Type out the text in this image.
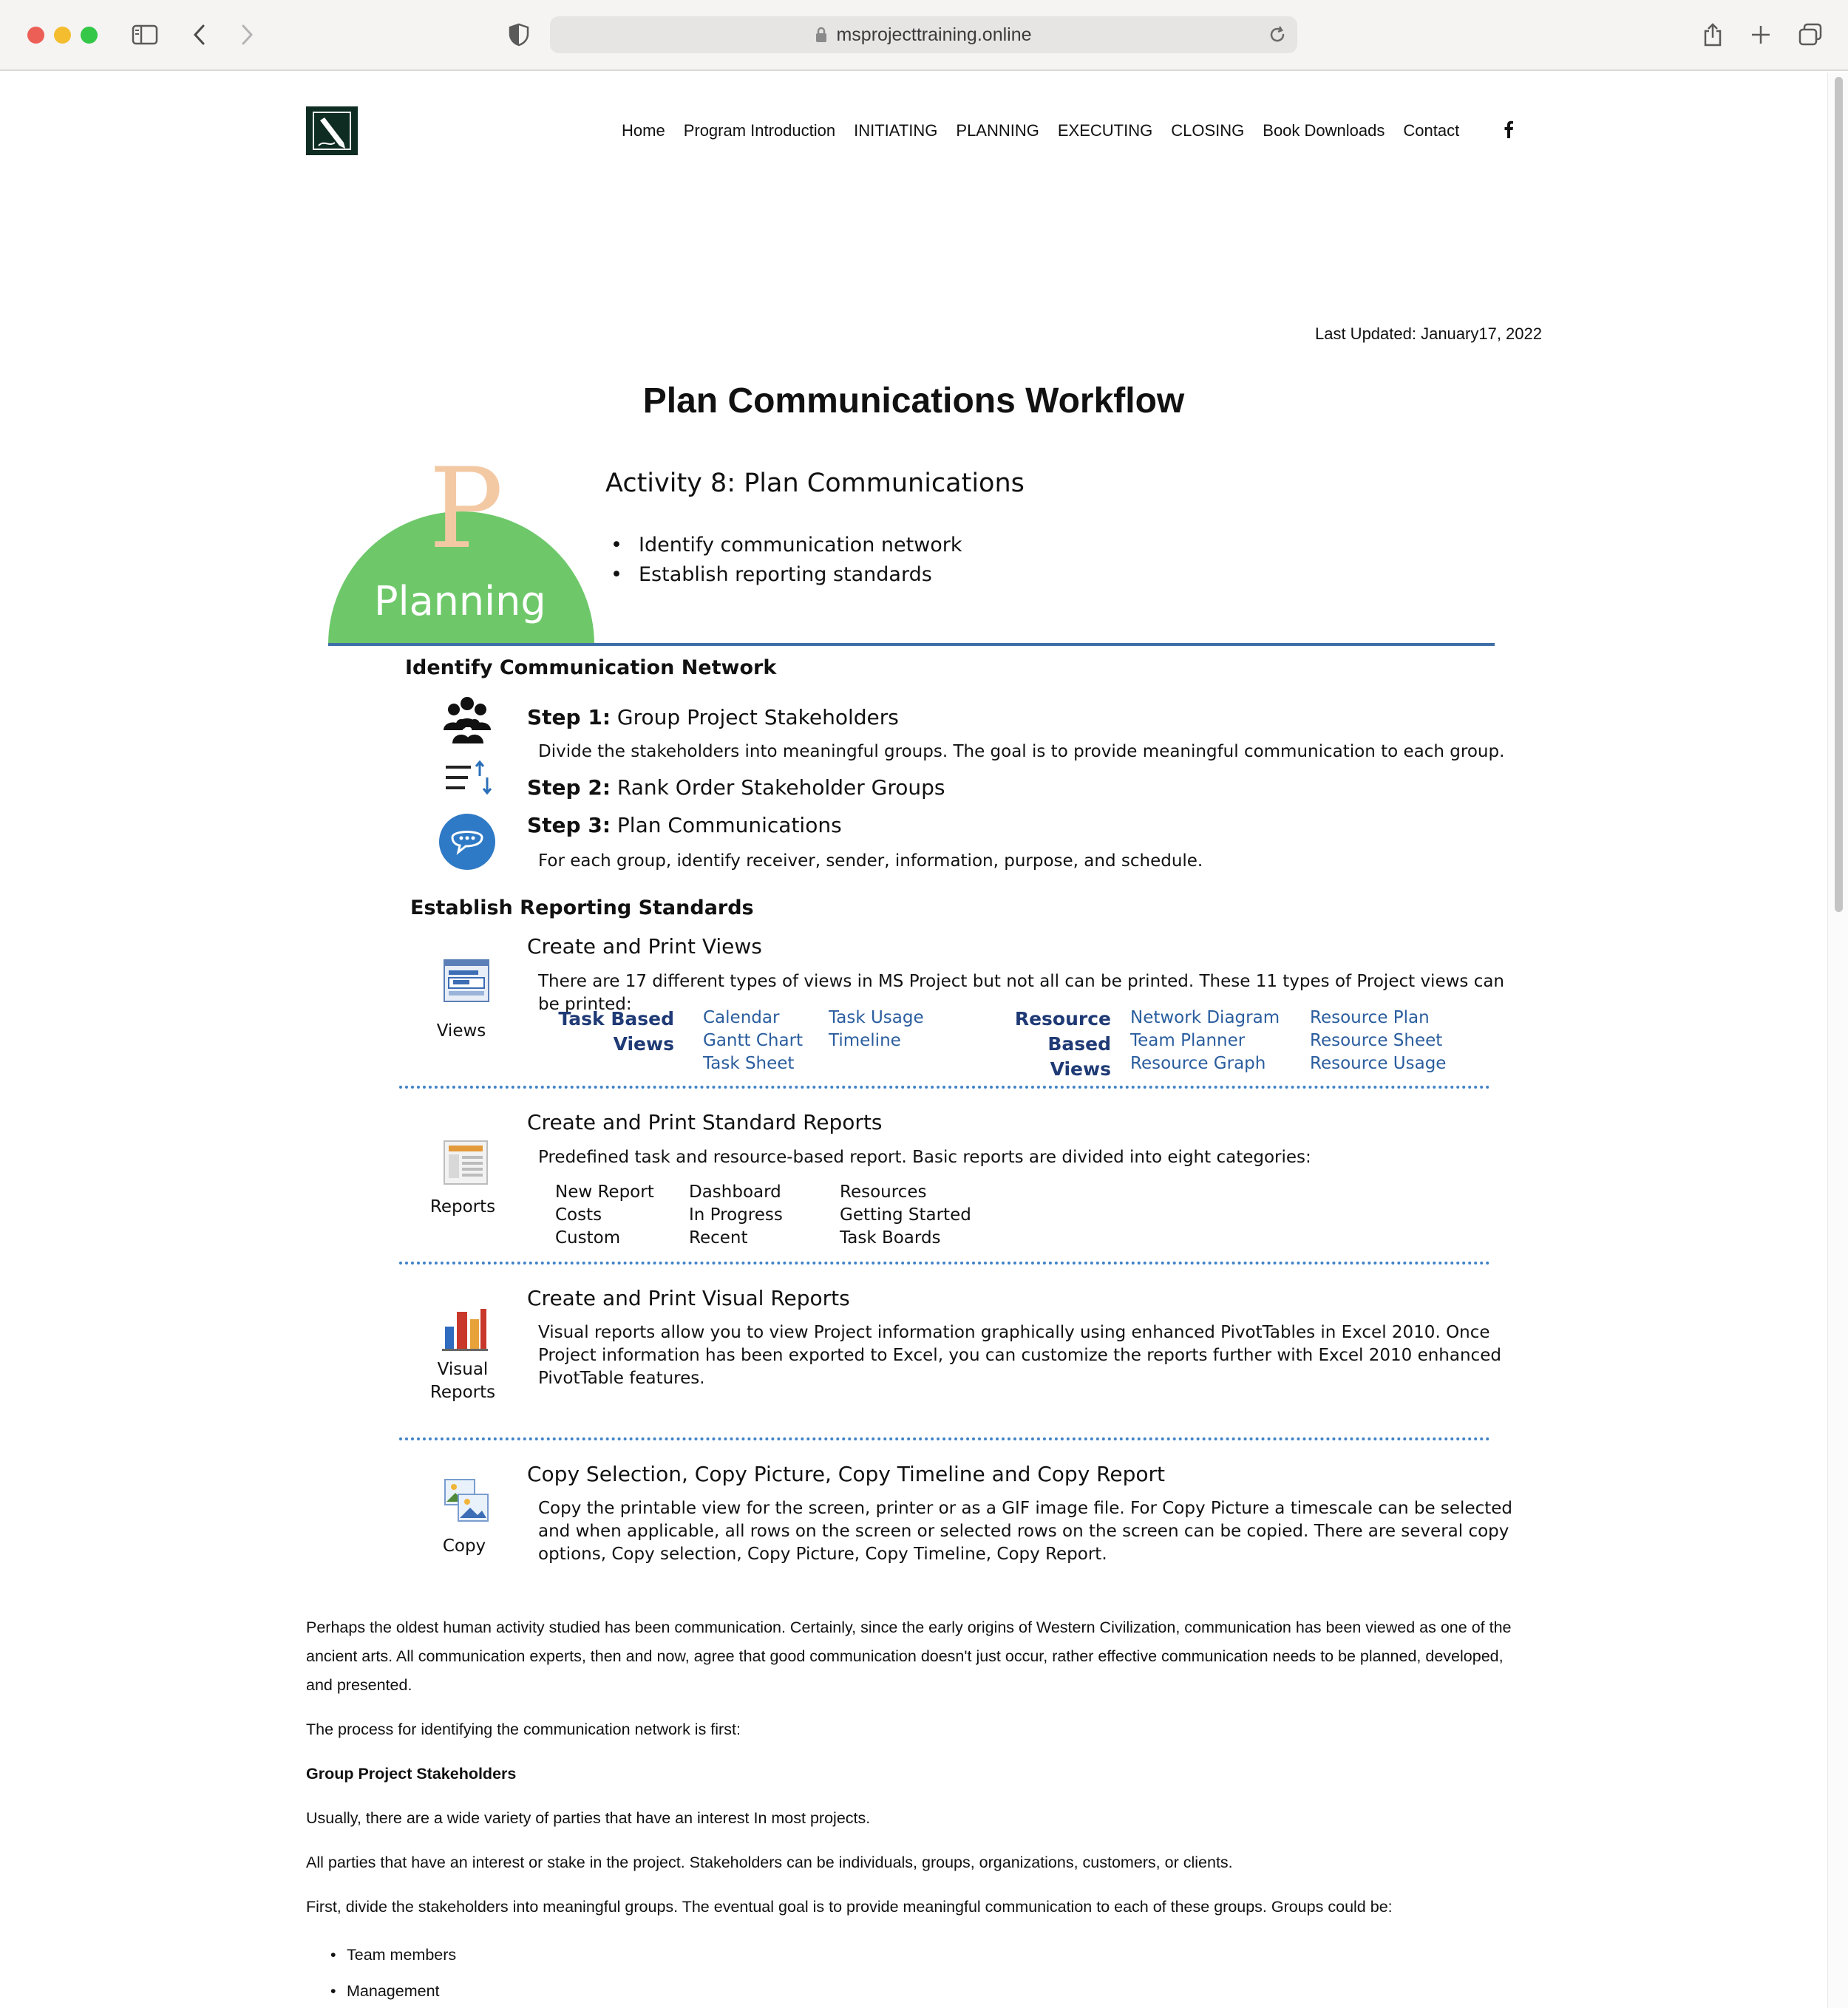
msprojecttraining.online
Home Program Introduction INITIATING PLANNING EXECUTING CLOSING Book Downloads Contact
Last Updated: January17, 2022
Plan Communications Workflow
P
Planning
Activity 8: Plan Communications
• Identify communication network
• Establish reporting standards
Identify Communication Network
Step 1: Group Project Stakeholders
Divide the stakeholders into meaningful groups. The goal is to provide meaningful communication to each group.
Step 2: Rank Order Stakeholder Groups
Step 3: Plan Communications
For each group, identify receiver, sender, information, purpose, and schedule.
Establish Reporting Standards
Views
Create and Print Views
There are 17 different types of views in MS Project but not all can be printed. These 11 types of Project views can be printed:
Task Based
Views
Calendar
Gantt Chart
Task Sheet
Task Usage
Timeline
Resource Based
Views
Network Diagram
Team Planner
Resource Graph
Resource Plan
Resource Sheet
Resource Usage
Reports
Create and Print Standard Reports
Predefined task and resource-based report. Basic reports are divided into eight categories:
New Report
Costs
Custom
Dashboard
In Progress
Recent
Resources
Getting Started
Task Boards
Visual
Reports
Create and Print Visual Reports
Visual reports allow you to view Project information graphically using enhanced PivotTables in Excel 2010. Once Project information has been exported to Excel, you can customize the reports further with Excel 2010 enhanced PivotTable features.
Copy
Copy Selection, Copy Picture, Copy Timeline and Copy Report
Copy the printable view for the screen, printer or as a GIF image file. For Copy Picture a timescale can be selected and when applicable, all rows on the screen or selected rows on the screen can be copied. There are several copy options, Copy selection, Copy Picture, Copy Timeline, Copy Report.

Perhaps the oldest human activity studied has been communication. Certainly, since the early origins of Western Civilization, communication has been viewed as one of the ancient arts. All communication experts, then and now, agree that good communication doesn't just occur, rather effective communication needs to be planned, developed, and presented.

The process for identifying the communication network is first:

Group Project Stakeholders

Usually, there are a wide variety of parties that have an interest In most projects.

All parties that have an interest or stake in the project. Stakeholders can be individuals, groups, organizations, customers, or clients.

First, divide the stakeholders into meaningful groups. The eventual goal is to provide meaningful communication to each of these groups. Groups could be:

• Team members
• Management
